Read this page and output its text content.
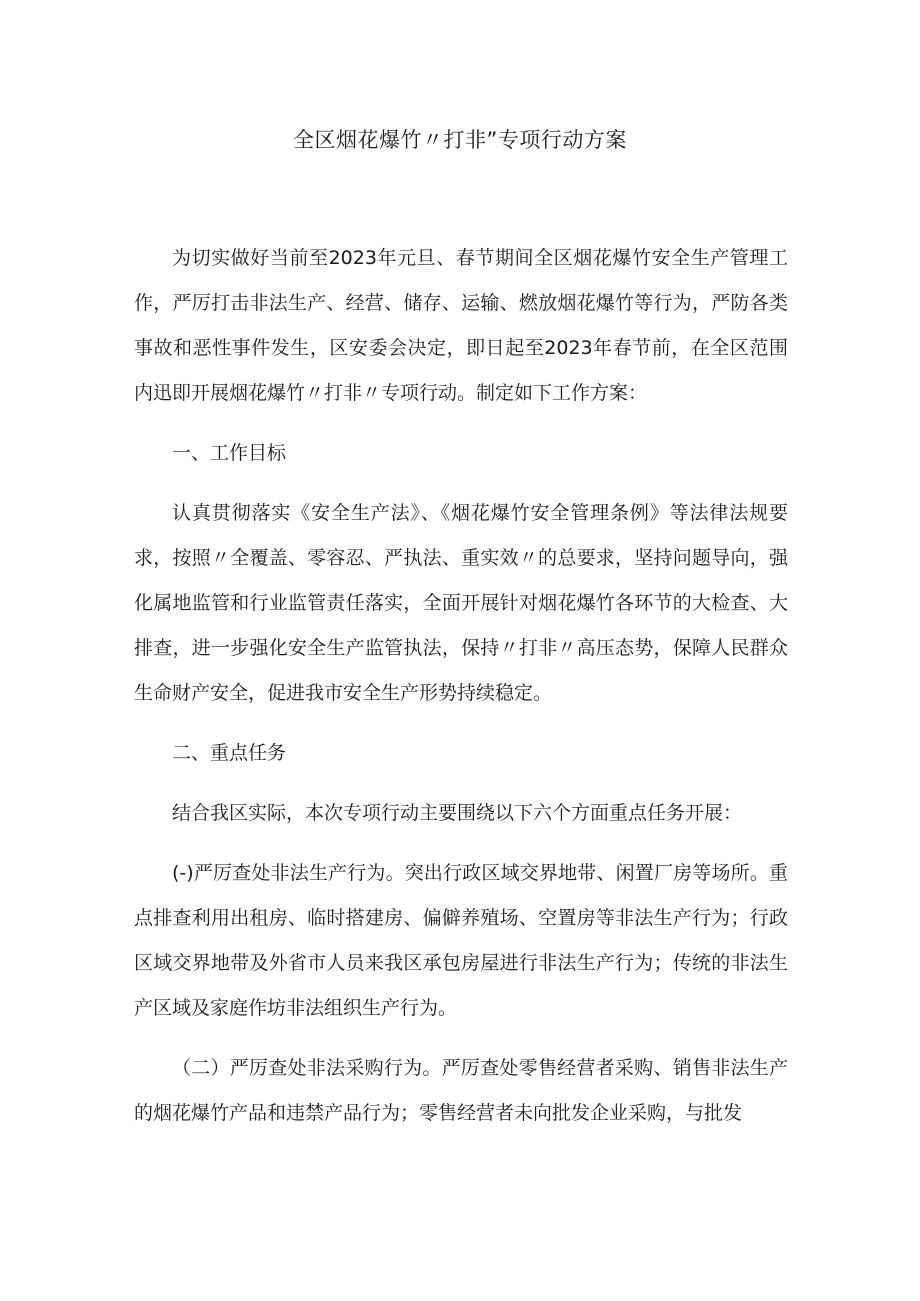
全区烟花爆竹〃打非”专项行动方案

为切实做好当前至2023年元旦、春节期间全区烟花爆竹安全生产管理工作，严厉打击非法生产、经营、储存、运输、燃放烟花爆竹等行为，严防各类事故和恶性事件发生，区安委会决定，即日起至2023年春节前，在全区范围内迅即开展烟花爆竹〃打非〃专项行动。制定如下工作方案：

一、工作目标

认真贯彻落实《安全生产法》、《烟花爆竹安全管理条例》等法律法规要求，按照〃全覆盖、零容忍、严执法、重实效〃的总要求，坚持问题导向，强化属地监管和行业监管责任落实，全面开展针对烟花爆竹各环节的大检查、大排查，进一步强化安全生产监管执法，保持〃打非〃高压态势，保障人民群众生命财产安全，促进我市安全生产形势持续稳定。

二、重点任务

结合我区实际，本次专项行动主要围绕以下六个方面重点任务开展：

(-)严厉查处非法生产行为。突出行政区域交界地带、闲置厂房等场所。重点排查利用出租房、临时搭建房、偏僻养殖场、空置房等非法生产行为；行政区域交界地带及外省市人员来我区承包房屋进行非法生产行为；传统的非法生产区域及家庭作坊非法组织生产行为。

（二）严厉查处非法采购行为。严厉查处零售经营者采购、销售非法生产的烟花爆竹产品和违禁产品行为；零售经营者未向批发企业采购，与批发
